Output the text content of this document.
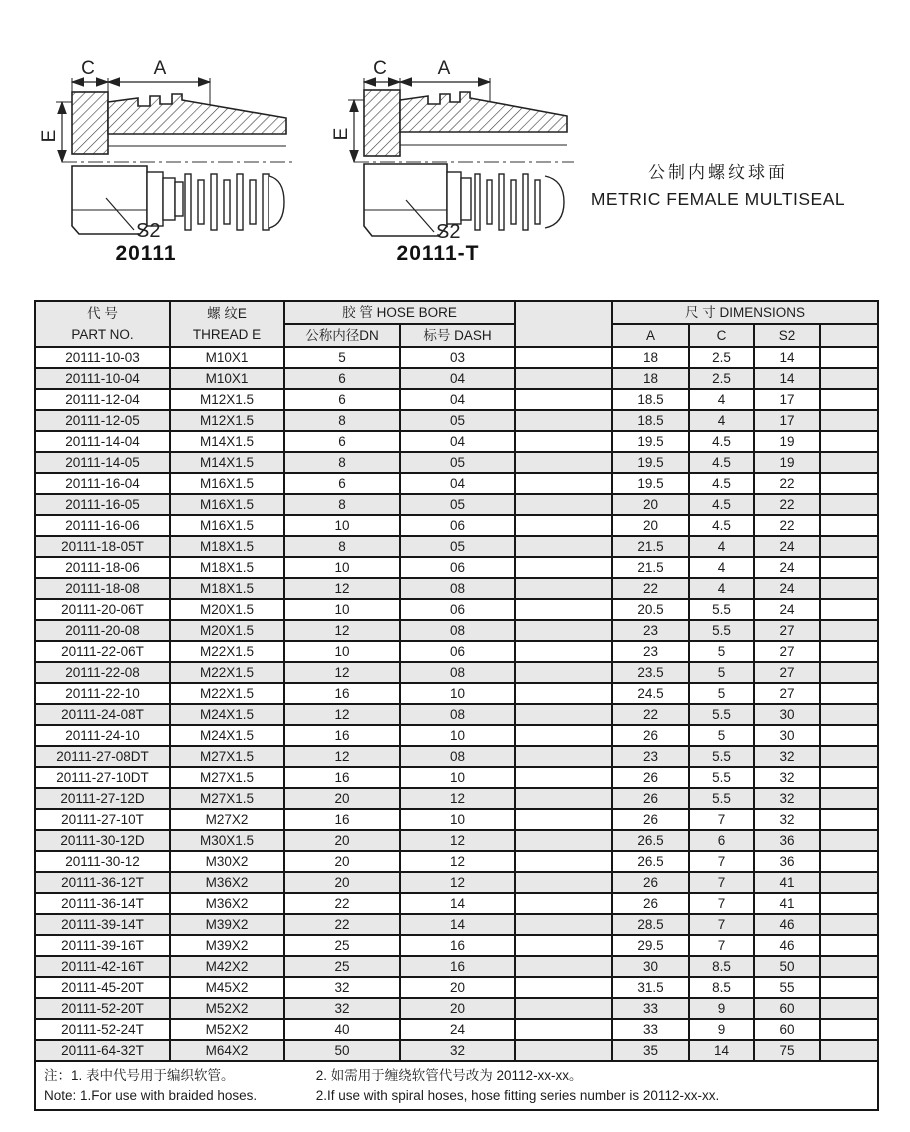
C	A
E
S2
20111
C	A
E
S2
20111-T
公制内螺纹球面
METRIC FEMALE MULTISEAL
代 号
PART NO.

螺 纹E
THREAD E
	胶 管 HOSE BORE		尺 寸 DIMENSIONS
		公称内径DN	标号 DASH		A	C	S2	
20111-10-03	M10X1	5	03		18	2.5	14	
20111-10-04	M10X1	6	04		18	2.5	14	
20111-12-04	M12X1.5	6	04		18.5	4	17	
20111-12-05	M12X1.5	8	05		18.5	4	17	
20111-14-04	M14X1.5	6	04		19.5	4.5	19	
20111-14-05	M14X1.5	8	05		19.5	4.5	19	
20111-16-04	M16X1.5	6	04		19.5	4.5	22	
20111-16-05	M16X1.5	8	05		20	4.5	22	
20111-16-06	M16X1.5	10	06		20	4.5	22	
20111-18-05T	M18X1.5	8	05		21.5	4	24	
20111-18-06	M18X1.5	10	06		21.5	4	24	
20111-18-08	M18X1.5	12	08		22	4	24	
20111-20-06T	M20X1.5	10	06		20.5	5.5	24	
20111-20-08	M20X1.5	12	08		23	5.5	27	
20111-22-06T	M22X1.5	10	06		23	5	27	
20111-22-08	M22X1.5	12	08		23.5	5	27	
20111-22-10	M22X1.5	16	10		24.5	5	27	
20111-24-08T	M24X1.5	12	08		22	5.5	30	
20111-24-10	M24X1.5	16	10		26	5	30	
20111-27-08DT	M27X1.5	12	08		23	5.5	32	
20111-27-10DT	M27X1.5	16	10		26	5.5	32	
20111-27-12D	M27X1.5	20	12		26	5.5	32	
20111-27-10T	M27X2	16	10		26	7	32	
20111-30-12D	M30X1.5	20	12		26.5	6	36	
20111-30-12	M30X2	20	12		26.5	7	36	
20111-36-12T	M36X2	20	12		26	7	41	
20111-36-14T	M36X2	22	14		26	7	41	
20111-39-14T	M39X2	22	14		28.5	7	46	
20111-39-16T	M39X2	25	16		29.5	7	46	
20111-42-16T	M42X2	25	16		30	8.5	50	
20111-45-20T	M45X2	32	20		31.5	8.5	55	
20111-52-20T	M52X2	32	20		33	9	60	
20111-52-24T	M52X2	40	24		33	9	60	
20111-64-32T	M64X2	50	32		35	14	75	

注：1. 表中代号用于编织软管。 2. 如需用于缠绕软管代号改为 20112-xx-xx。
Note: 1.For use with braided hoses. 2.If use with spiral hoses, hose fitting series number is 20112-xx-xx.								
